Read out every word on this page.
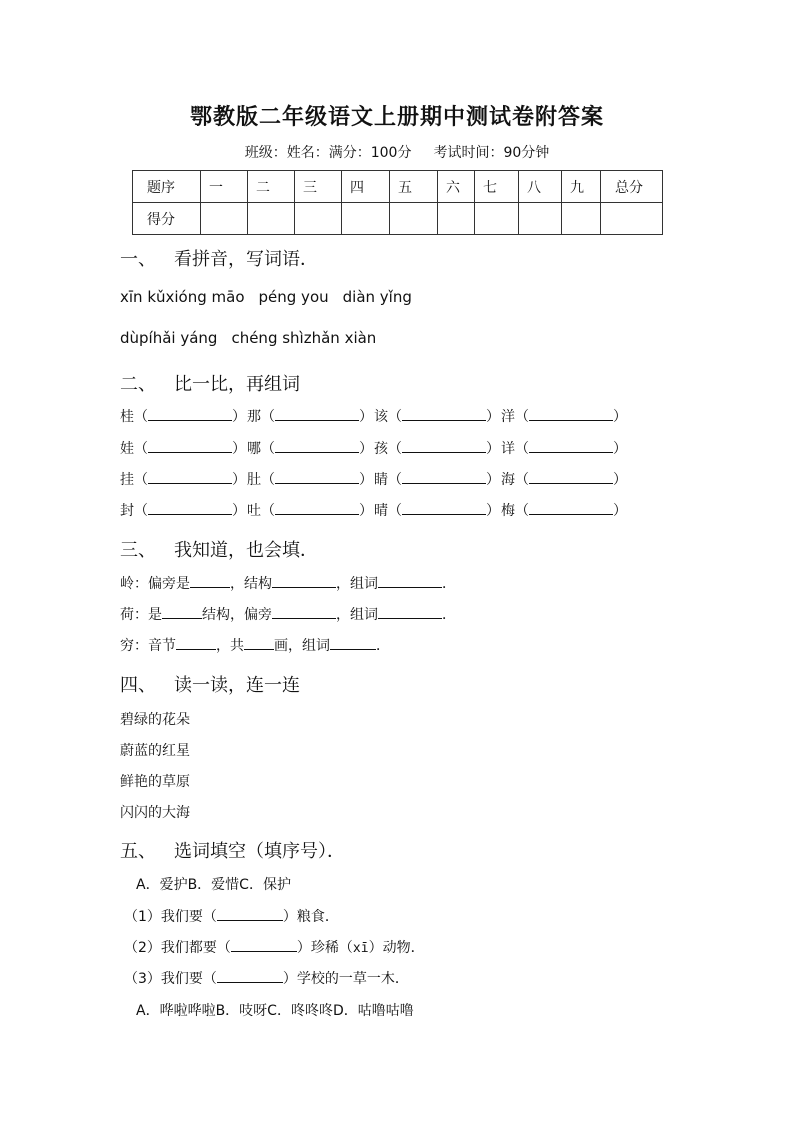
鄂教版二年级语文上册期中测试卷附答案
班级：姓名：满分：100分 考试时间：90分钟
题序	一	二	三	四	五	六	七	八	九	总分
得分										
一、 看拼音，写词语．
xīn kǔxióng māo péng you diàn yǐng
dùpíhǎi yáng chéng shìzhǎn xiàn
二、 比一比，再组词
桂（	）那（	）该（	）洋（	）
娃（	）哪（	）孩（	）详（	）
挂（	）肚（	）睛（	）海（	）
封（	）吐（	）晴（	）梅（	）
三、 我知道，也会填．
岭：偏旁是	，结构	，组词	．
荷：是	结构，偏旁	，组词	．
穷：音节	，共 画，组词	．
四、 读一读，连一连
碧绿的花朵
蔚蓝的红星
鲜艳的草原
闪闪的大海
五、 选词填空（填序号）．
A．爱护B．爱惜C．保护
（1）我们要（	）粮食．
（2）我们都要（	）珍稀（xī）动物．
（3）我们要（	）学校的一草一木．
A．哗啦哗啦B．吱呀C．咚咚咚D．咕噜咕噜
